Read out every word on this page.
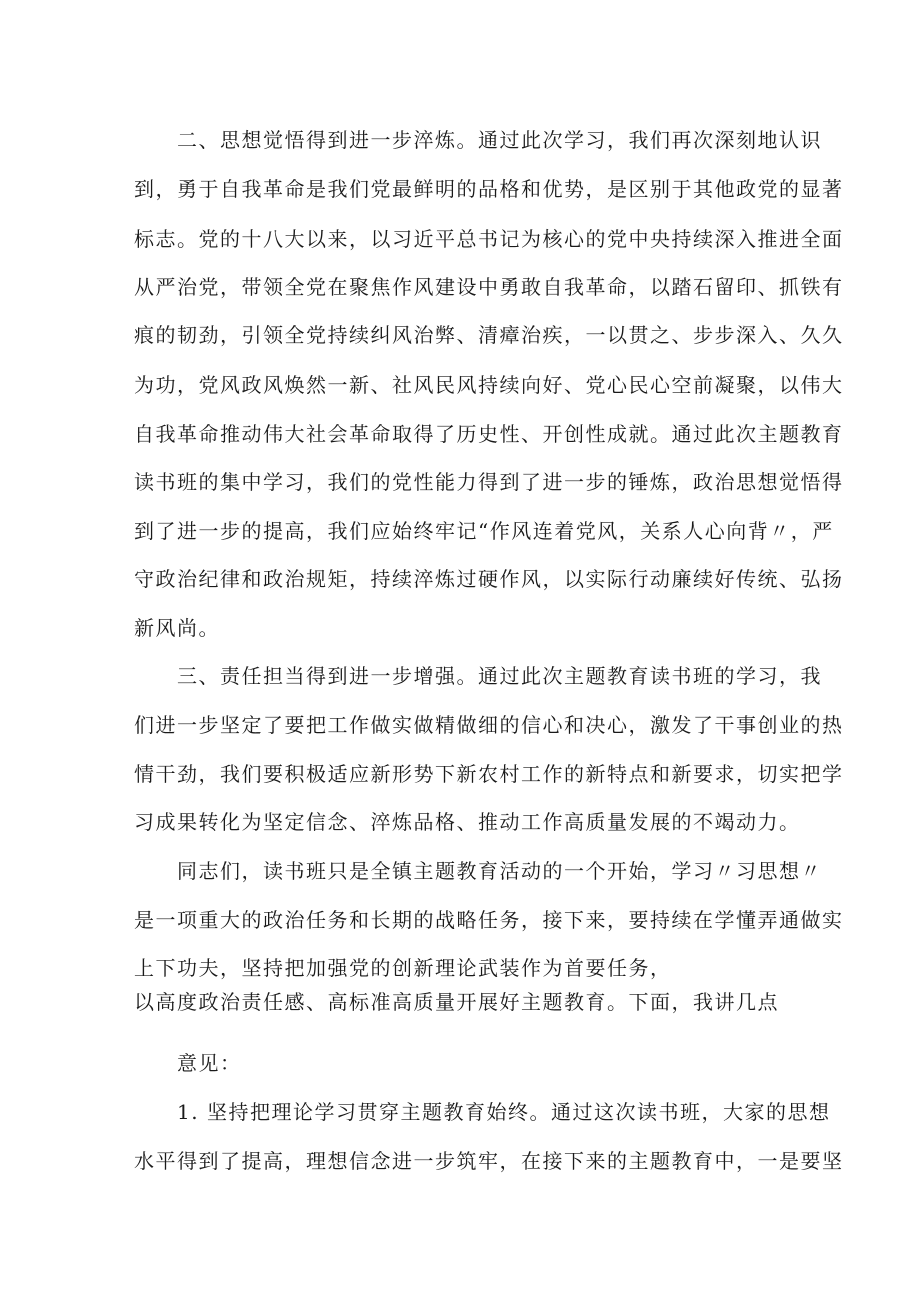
二、思想觉悟得到进一步淬炼。通过此次学习，我们再次深刻地认识
到，勇于自我革命是我们党最鲜明的品格和优势，是区别于其他政党的显著
标志。党的十八大以来，以习近平总书记为核心的党中央持续深入推进全面
从严治党，带领全党在聚焦作风建设中勇敢自我革命，以踏石留印、抓铁有
痕的韧劲，引领全党持续纠风治弊、清瘴治疾，一以贯之、步步深入、久久
为功，党风政风焕然一新、社风民风持续向好、党心民心空前凝聚，以伟大
自我革命推动伟大社会革命取得了历史性、开创性成就。通过此次主题教育
读书班的集中学习，我们的党性能力得到了进一步的锤炼，政治思想觉悟得
到了进一步的提高，我们应始终牢记“作风连着党风，关系人心向背〃，严
守政治纪律和政治规矩，持续淬炼过硬作风，以实际行动廉续好传统、弘扬
新风尚。
三、责任担当得到进一步增强。通过此次主题教育读书班的学习，我
们进一步坚定了要把工作做实做精做细的信心和决心，激发了干事创业的热
情干劲，我们要积极适应新形势下新农村工作的新特点和新要求，切实把学
习成果转化为坚定信念、淬炼品格、推动工作高质量发展的不竭动力。
同志们，读书班只是全镇主题教育活动的一个开始，学习〃习思想〃
是一项重大的政治任务和长期的战略任务，接下来，要持续在学懂弄通做实
上下功夫，坚持把加强党的创新理论武装作为首要任务，
以高度政治责任感、高标准高质量开展好主题教育。下面，我讲几点
意见：
1. 坚持把理论学习贯穿主题教育始终。通过这次读书班，大家的思想
水平得到了提高，理想信念进一步筑牢，在接下来的主题教育中，一是要坚
